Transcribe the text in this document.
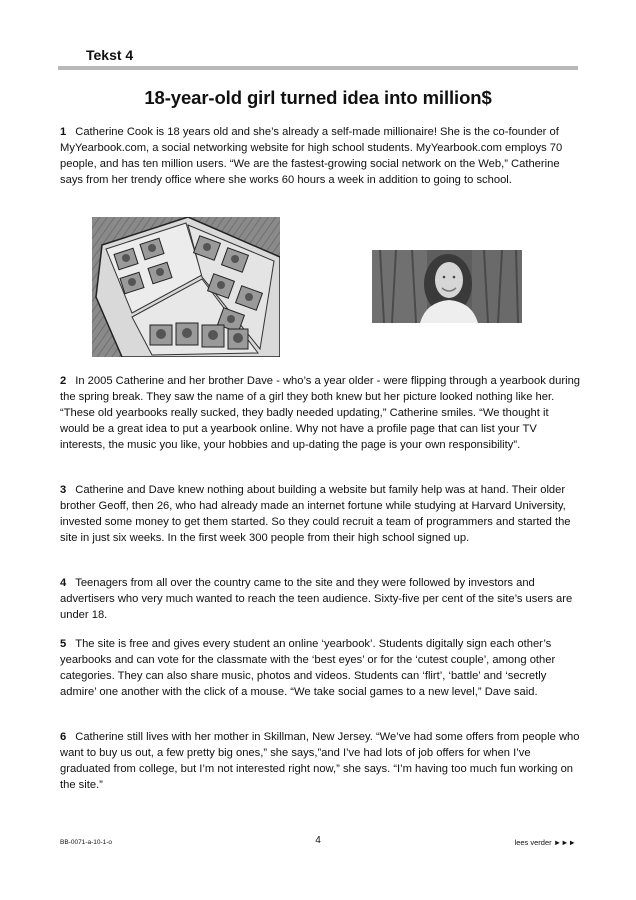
Tekst 4
18-year-old girl turned idea into million$

1 Catherine Cook is 18 years old and she’s already a self-made millionaire! She is the co-founder of MyYearbook.com, a social networking website for high school students. MyYearbook.com employs 70 people, and has ten million users. “We are the fastest-growing social network on the Web,” Catherine says from her trendy office where she works 60 hours a week in addition to going to school.

2 In 2005 Catherine and her brother Dave - who’s a year older - were flipping through a yearbook during the spring break. They saw the name of a girl they both knew but her picture looked nothing like her. “These old yearbooks really sucked, they badly needed updating,” Catherine smiles. “We thought it would be a great idea to put a yearbook online. Why not have a profile page that can list your TV interests, the music you like, your hobbies and up-dating the page is your own responsibility”.

3 Catherine and Dave knew nothing about building a website but family help was at hand. Their older brother Geoff, then 26, who had already made an internet fortune while studying at Harvard University, invested some money to get them started. So they could recruit a team of programmers and started the site in just six weeks. In the first week 300 people from their high school signed up.

4 Teenagers from all over the country came to the site and they were followed by investors and advertisers who very much wanted to reach the teen audience. Sixty-five per cent of the site’s users are under 18.

5 The site is free and gives every student an online ‘yearbook’. Students digitally sign each other’s yearbooks and can vote for the classmate with the ‘best eyes’ or for the ‘cutest couple’, among other categories. They can also share music, photos and videos. Students can ‘flirt’, ‘battle’ and ‘secretly admire’ one another with the click of a mouse. “We take social games to a new level,” Dave said.

6 Catherine still lives with her mother in Skillman, New Jersey. “We’ve had some offers from people who want to buy us out, a few pretty big ones,” she says,”and I’ve had lots of job offers for when I’ve graduated from college, but I’m not interested right now,” she says. “I’m having too much fun working on the site.”

BB-0071-a-10-1-o	4	lees verder ►►►
